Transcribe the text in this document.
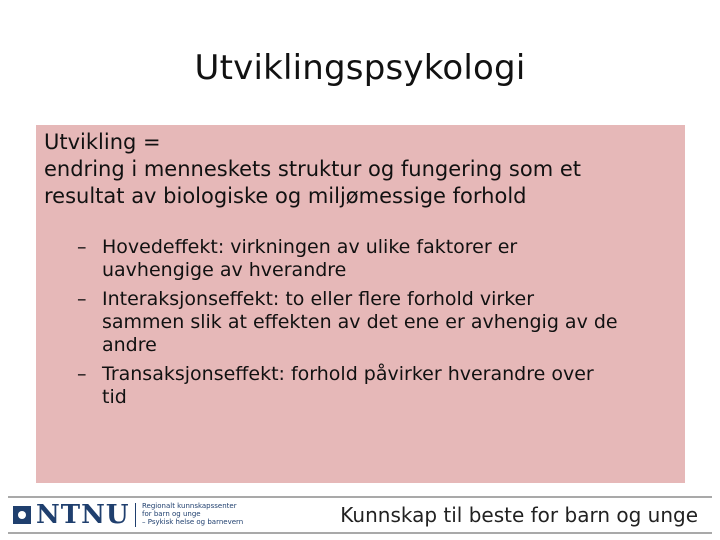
Utviklingspsykologi
Utvikling =
endring i menneskets struktur og fungering som et
resultat av biologiske og miljømessige forhold
– Hovedeffekt: virkningen av ulike faktorer er
uavhengige av hverandre
– Interaksjonseffekt: to eller flere forhold virker
sammen slik at effekten av det ene er avhengig av de
andre
– Transaksjonseffekt: forhold påvirker hverandre over
tid
NTNU Regionalt kunnskapssenter
for barn og unge
– Psykisk helse og barnevern	Kunnskap til beste for barn og unge
